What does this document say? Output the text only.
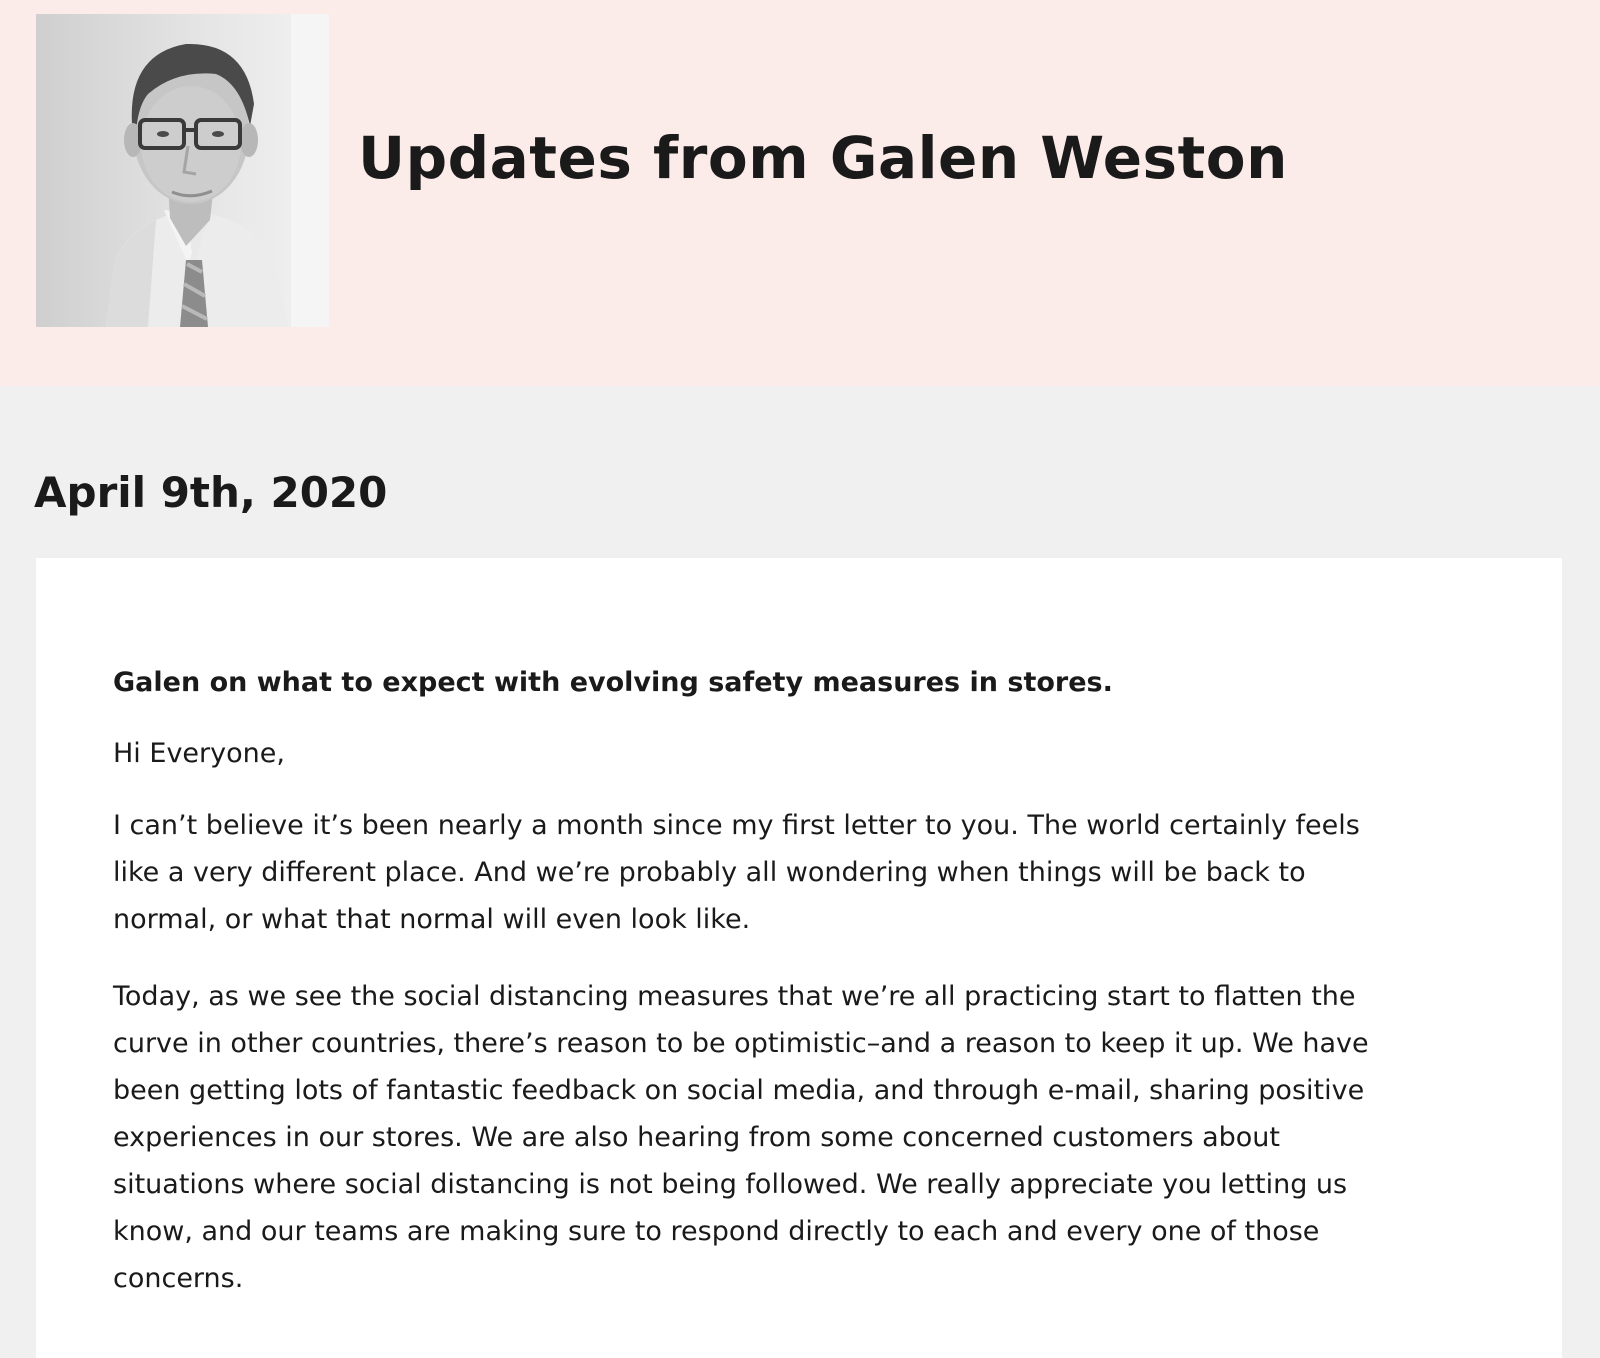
Updates from Galen Weston
April 9th, 2020

Galen on what to expect with evolving safety measures in stores.

Hi Everyone,

I can’t believe it’s been nearly a month since my first letter to you. The world certainly feels
like a very different place. And we’re probably all wondering when things will be back to
normal, or what that normal will even look like.
Today, as we see the social distancing measures that we’re all practicing start to flatten the
curve in other countries, there’s reason to be optimistic–and a reason to keep it up. We have
been getting lots of fantastic feedback on social media, and through e-mail, sharing positive
experiences in our stores. We are also hearing from some concerned customers about
situations where social distancing is not being followed. We really appreciate you letting us
know, and our teams are making sure to respond directly to each and every one of those
concerns.
